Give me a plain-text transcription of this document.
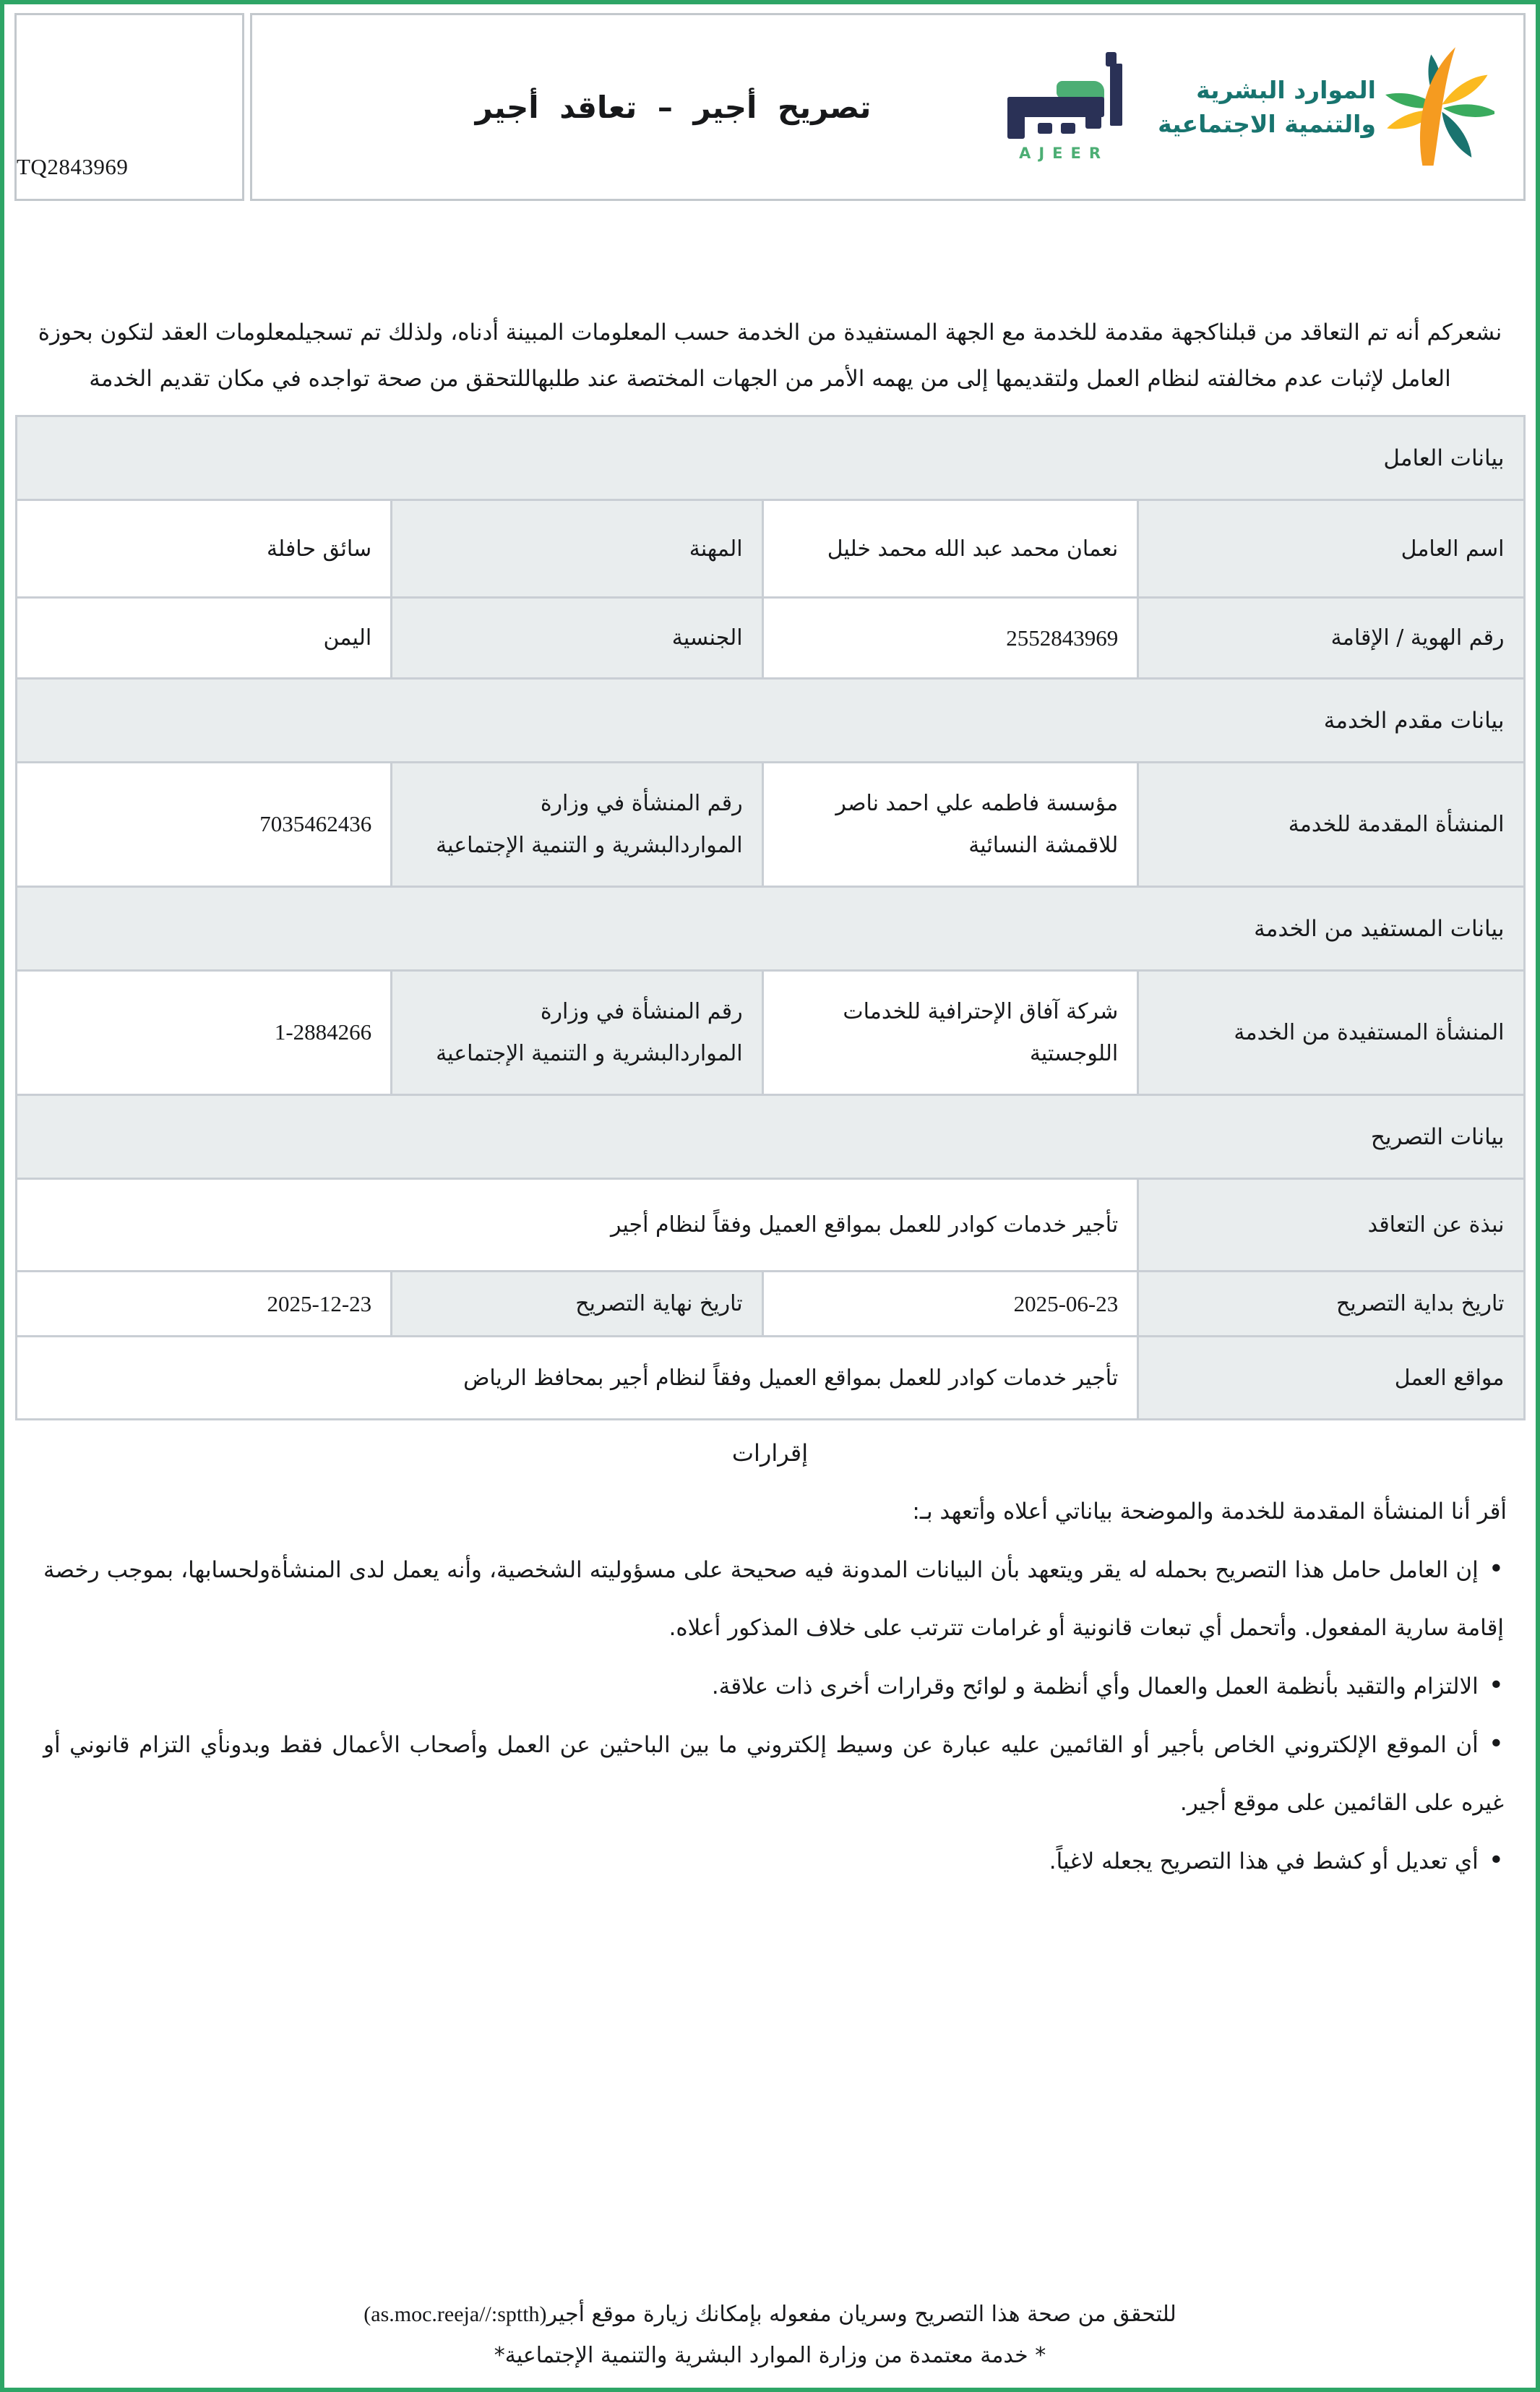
الموارد البشرية
والتنمية الاجتماعية
AJEER
تصريح أجير – تعاقد أجير
TQ2843969

نشعركم أنه تم التعاقد من قبلناكجهة مقدمة للخدمة مع الجهة المستفيدة من الخدمة حسب المعلومات المبينة أدناه، ولذلك تم تسجيلمعلومات العقد لتكون بحوزة العامل لإثبات عدم مخالفته لنظام العمل ولتقديمها إلى من يهمه الأمر من الجهات المختصة عند طلبهاللتحقق من صحة تواجده في مكان تقديم الخدمة

بيانات العامل			
اسم العامل	نعمان محمد عبد الله محمد خليل	المهنة	سائق حافلة
رقم الهوية / الإقامة	2552843969	الجنسية	اليمن
بيانات مقدم الخدمة			
المنشأة المقدمة للخدمة	مؤسسة فاطمه علي احمد ناصر للاقمشة النسائية	رقم المنشأة في وزارة المواردالبشرية و التنمية الإجتماعية	7035462436
بيانات المستفيد من الخدمة			
المنشأة المستفيدة من الخدمة	شركة آفاق الإحترافية للخدمات اللوجستية	رقم المنشأة في وزارة المواردالبشرية و التنمية الإجتماعية	1-2884266
بيانات التصريح			
نبذة عن التعاقد	تأجير خدمات كوادر للعمل بمواقع العميل وفقاً لنظام أجير		
تاريخ بداية التصريح	2025-06-23	تاريخ نهاية التصريح	2025-12-23
مواقع العمل	تأجير خدمات كوادر للعمل بمواقع العميل وفقاً لنظام أجير بمحافظ الرياض		
إقرارات

أقر أنا المنشأة المقدمة للخدمة والموضحة بياناتي أعلاه وأتعهد بـ:

• إن العامل حامل هذا التصريح بحمله له يقر ويتعهد بأن البيانات المدونة فيه صحيحة على مسؤوليته الشخصية، وأنه يعمل لدى المنشأةولحسابها، بموجب رخصة إقامة سارية المفعول. وأتحمل أي تبعات قانونية أو غرامات تترتب على خلاف المذكور أعلاه.
• الالتزام والتقيد بأنظمة العمل والعمال وأي أنظمة و لوائح وقرارات أخرى ذات علاقة.
• أن الموقع الإلكتروني الخاص بأجير أو القائمين عليه عبارة عن وسيط إلكتروني ما بين الباحثين عن العمل وأصحاب الأعمال فقط وبدونأي التزام قانوني أو غيره على القائمين على موقع أجير.
• أي تعديل أو كشط في هذا التصريح يجعله لاغياً.
للتحقق من صحة هذا التصريح وسريان مفعوله بإمكانك زيارة موقع أجير(as.moc.reeja//:sptth)
* خدمة معتمدة من وزارة الموارد البشرية والتنمية الإجتماعية*
